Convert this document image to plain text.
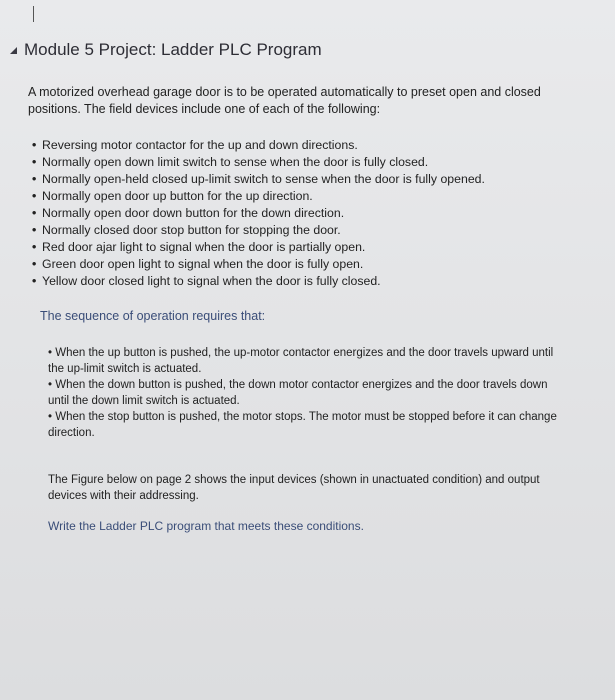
Module 5 Project: Ladder PLC Program
A motorized overhead garage door is to be operated automatically to preset open and closed positions. The field devices include one of each of the following:
• Reversing motor contactor for the up and down directions.
• Normally open down limit switch to sense when the door is fully closed.
• Normally open-held closed up-limit switch to sense when the door is fully opened.
• Normally open door up button for the up direction.
• Normally open door down button for the down direction.
• Normally closed door stop button for stopping the door.
• Red door ajar light to signal when the door is partially open.
• Green door open light to signal when the door is fully open.
• Yellow door closed light to signal when the door is fully closed.
The sequence of operation requires that:
• When the up button is pushed, the up-motor contactor energizes and the door travels upward until the up-limit switch is actuated.
• When the down button is pushed, the down motor contactor energizes and the door travels down until the down limit switch is actuated.
• When the stop button is pushed, the motor stops. The motor must be stopped before it can change direction.
The Figure below on page 2 shows the input devices (shown in unactuated condition) and output devices with their addressing.
Write the Ladder PLC program that meets these conditions.
